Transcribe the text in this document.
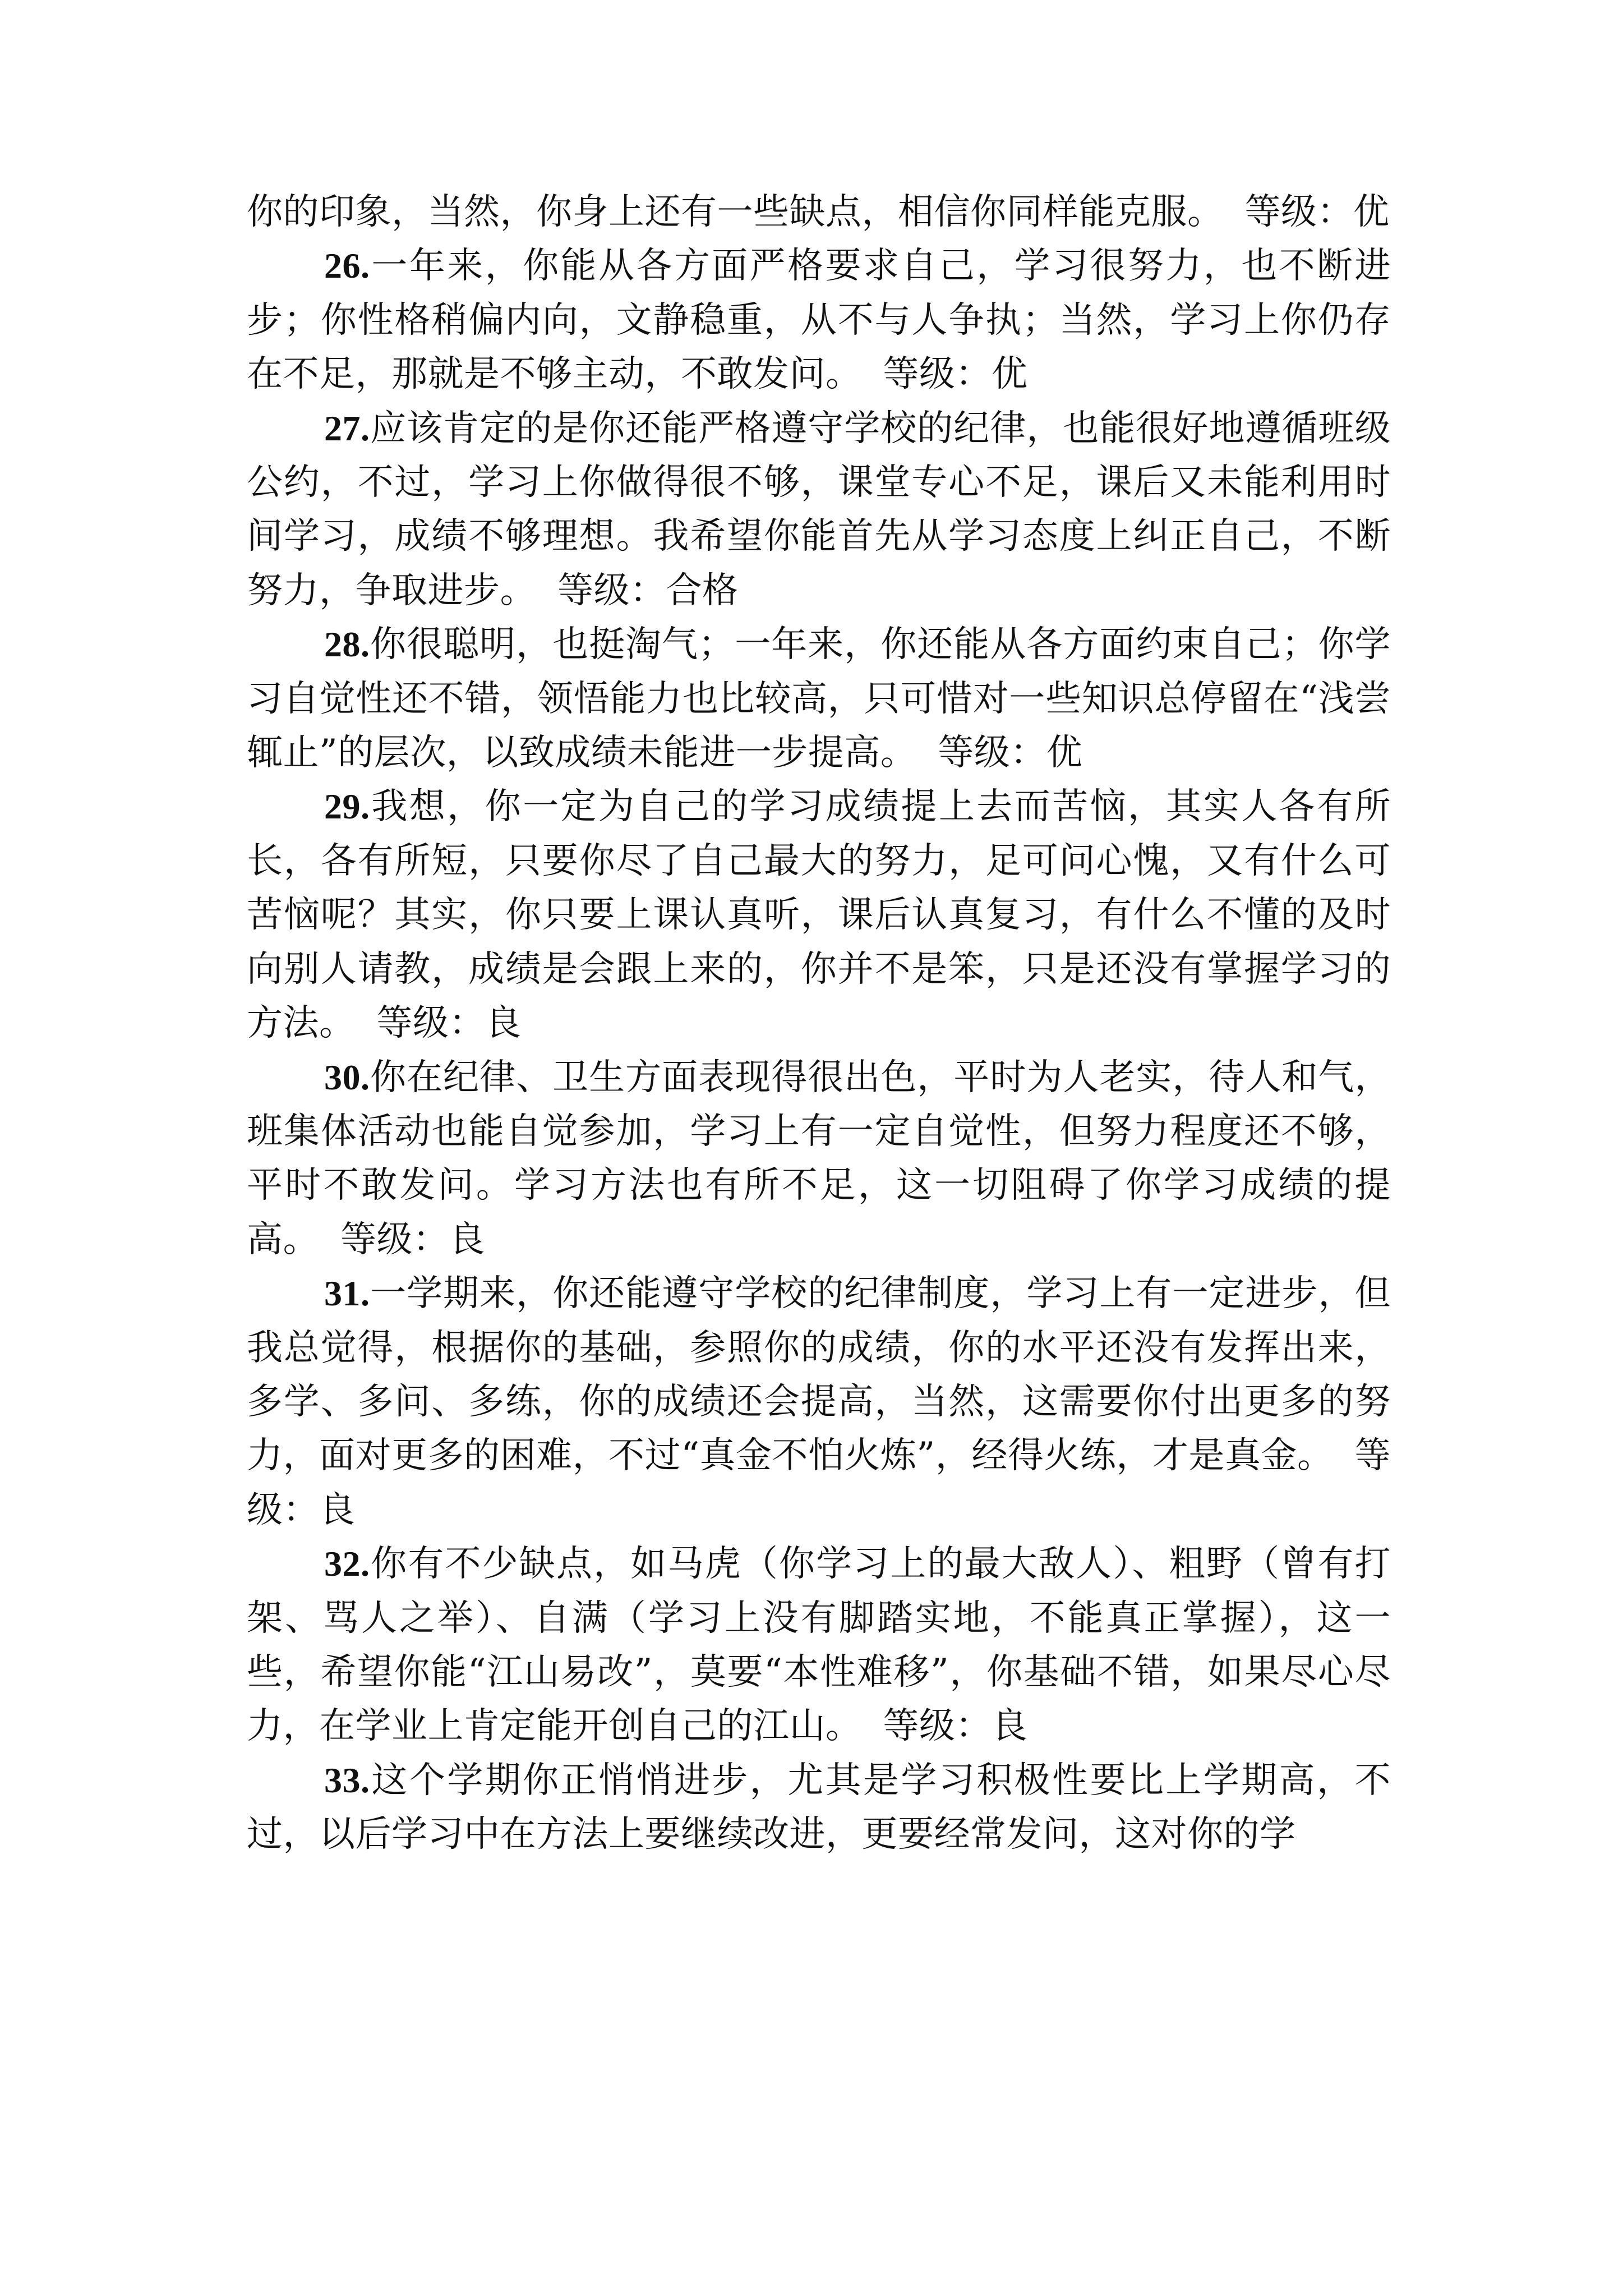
你的印象，当然，你身上还有一些缺点，相信你同样能克服。 等级：优

26.一年来，你能从各方面严格要求自己，学习很努力，也不断进步；你性格稍偏内向，文静稳重，从不与人争执；当然，学习上你仍存在不足，那就是不够主动，不敢发问。 等级：优

27.应该肯定的是你还能严格遵守学校的纪律，也能很好地遵循班级公约，不过，学习上你做得很不够，课堂专心不足，课后又未能利用时间学习，成绩不够理想。我希望你能首先从学习态度上纠正自己，不断努力，争取进步。 等级：合格

28.你很聪明，也挺淘气；一年来，你还能从各方面约束自己；你学习自觉性还不错，领悟能力也比较高，只可惜对一些知识总停留在“浅尝辄止”的层次，以致成绩未能进一步提高。 等级：优

29.我想，你一定为自己的学习成绩提上去而苦恼，其实人各有所长，各有所短，只要你尽了自己最大的努力，足可问心愧，又有什么可苦恼呢？其实，你只要上课认真听，课后认真复习，有什么不懂的及时向别人请教，成绩是会跟上来的，你并不是笨，只是还没有掌握学习的方法。 等级：良

30.你在纪律、卫生方面表现得很出色，平时为人老实，待人和气，班集体活动也能自觉参加，学习上有一定自觉性，但努力程度还不够，平时不敢发问。学习方法也有所不足，这一切阻碍了你学习成绩的提高。 等级：良

31.一学期来，你还能遵守学校的纪律制度，学习上有一定进步，但我总觉得，根据你的基础，参照你的成绩，你的水平还没有发挥出来，多学、多问、多练，你的成绩还会提高，当然，这需要你付出更多的努力，面对更多的困难，不过“真金不怕火炼”，经得火练，才是真金。 等级：良

32.你有不少缺点，如马虎（你学习上的最大敌人）、粗野（曾有打架、骂人之举）、自满（学习上没有脚踏实地，不能真正掌握），这一些，希望你能“江山易改”，莫要“本性难移”，你基础不错，如果尽心尽力，在学业上肯定能开创自己的江山。 等级：良

33.这个学期你正悄悄进步，尤其是学习积极性要比上学期高，不过，以后学习中在方法上要继续改进，更要经常发问，这对你的学
